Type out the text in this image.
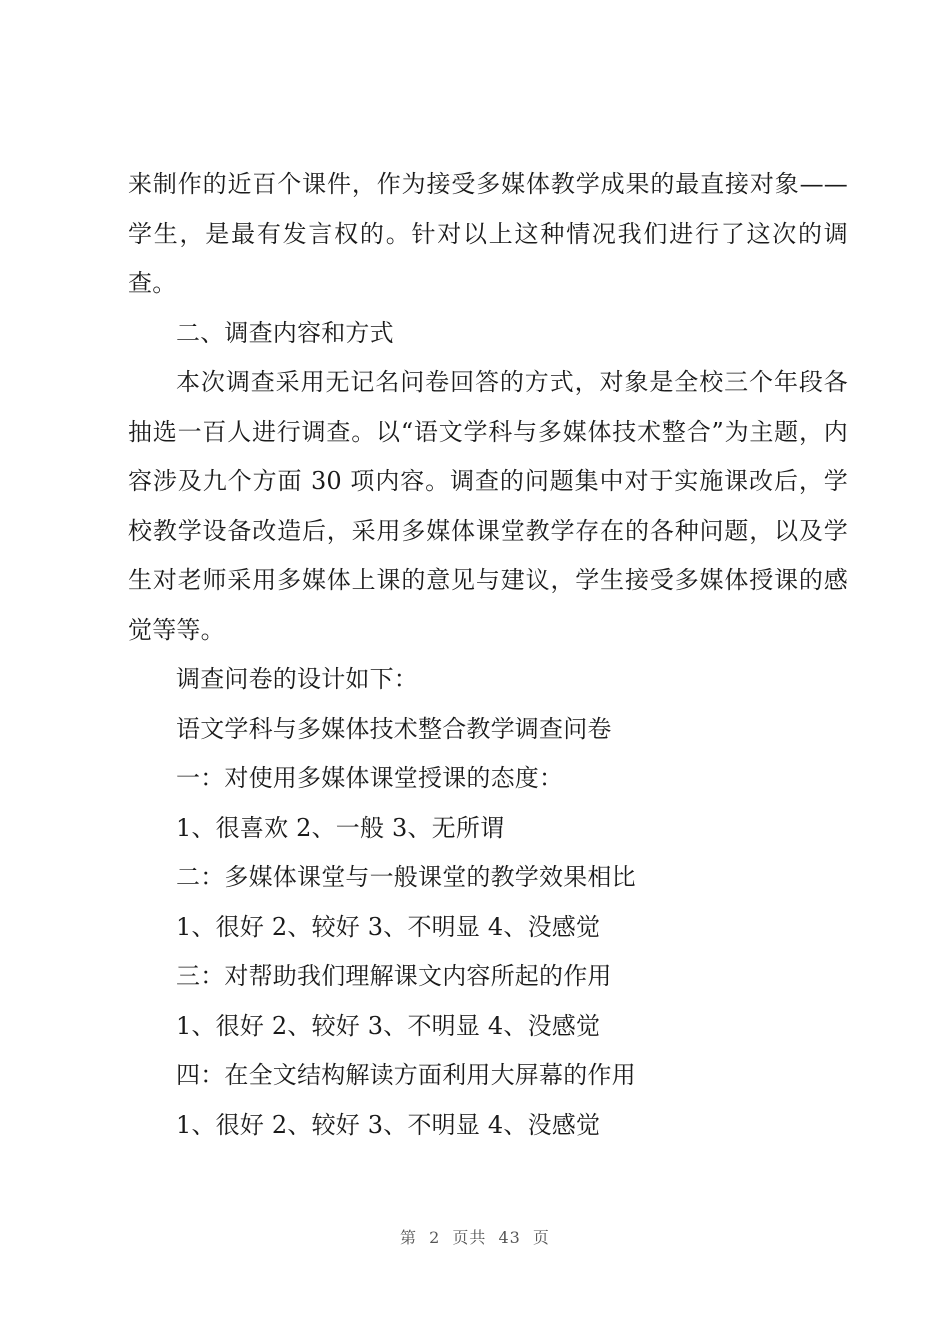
来制作的近百个课件，作为接受多媒体教学成果的最直接对象——学生，是最有发言权的。针对以上这种情况我们进行了这次的调查。

二、调查内容和方式

本次调查采用无记名问卷回答的方式，对象是全校三个年段各抽选一百人进行调查。以“语文学科与多媒体技术整合”为主题，内容涉及九个方面 30 项内容。调查的问题集中对于实施课改后，学校教学设备改造后，采用多媒体课堂教学存在的各种问题，以及学生对老师采用多媒体上课的意见与建议，学生接受多媒体授课的感觉等等。

调查问卷的设计如下：

语文学科与多媒体技术整合教学调查问卷

一：对使用多媒体课堂授课的态度：

1、很喜欢 2、一般 3、无所谓

二：多媒体课堂与一般课堂的教学效果相比

1、很好 2、较好 3、不明显 4、没感觉

三：对帮助我们理解课文内容所起的作用

1、很好 2、较好 3、不明显 4、没感觉

四：在全文结构解读方面利用大屏幕的作用

1、很好 2、较好 3、不明显 4、没感觉

第 2 页共 43 页
